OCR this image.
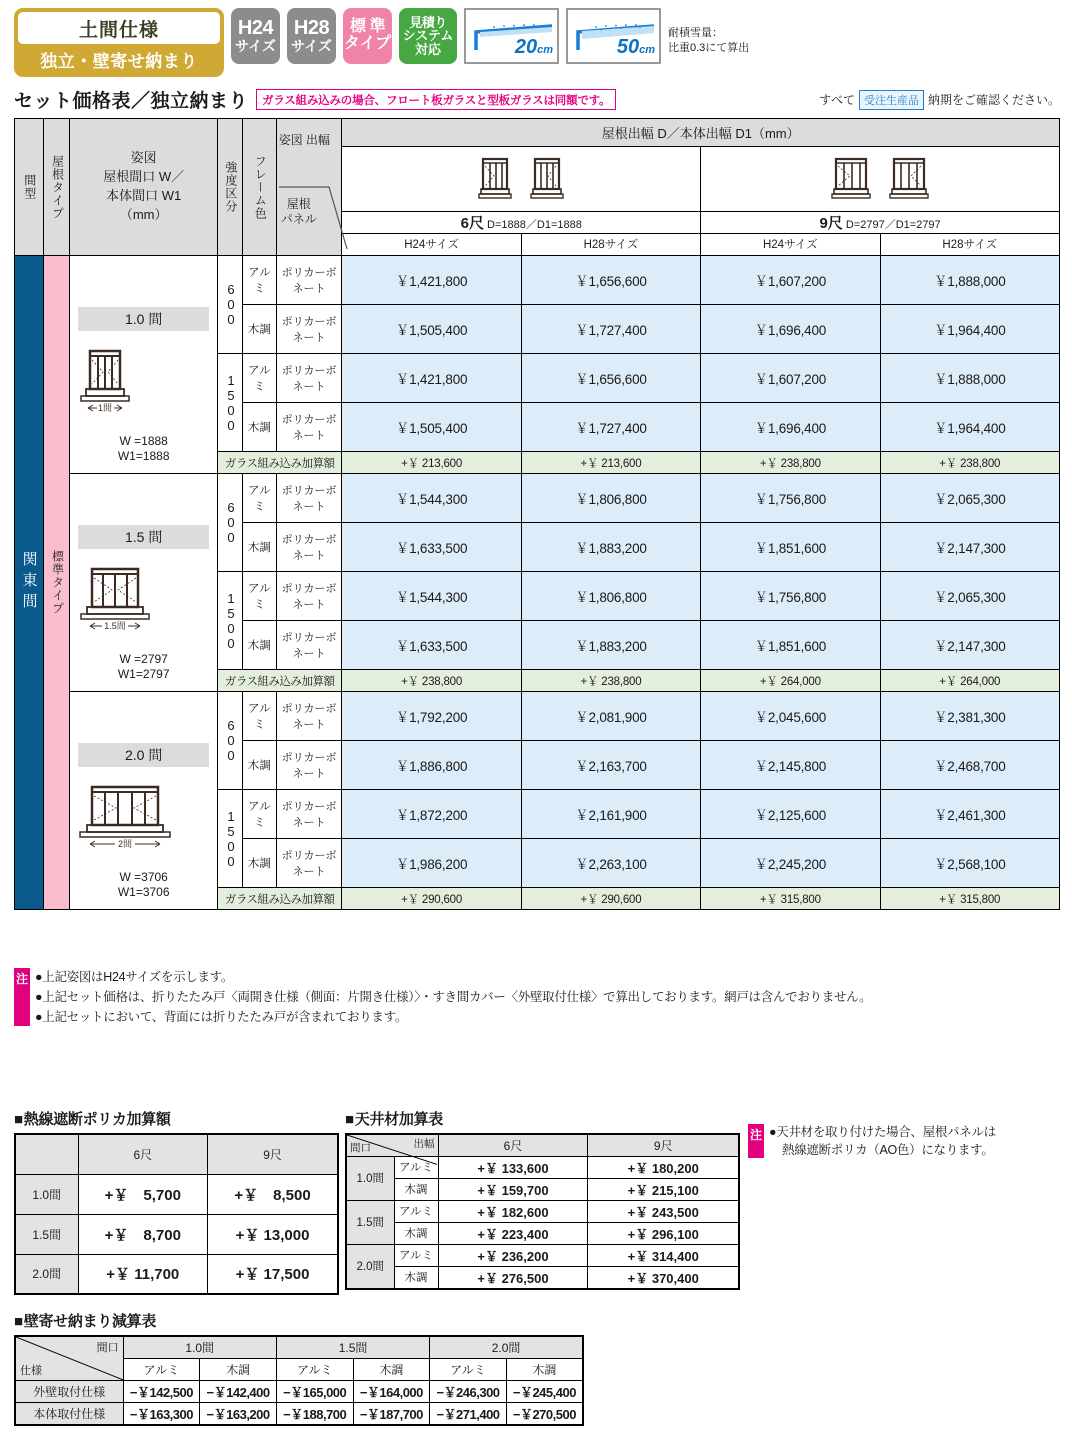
土間仕様
独立・壁寄せ納まり
H24
サイズ
H28
サイズ
標 準
タイプ
見積り
システム
対応	20cm	50cm
耐積雪量：
比重0.3にて算出
セット価格表／独立納まり	ガラス組み込みの場合、フロート板ガラスと型板ガラスは同額です。	すべて 受注生産品 納期をご確認ください。
間型	屋根タイプ	姿図
屋根間口 W／
本体間口 W1
（mm）

強度区分	フレーム色

姿図 出幅
屋根
パネル
	屋根出幅 D／本体出幅 D1（mm）

						6尺 D=1888／D1=1888		9尺 D=2797／D1=2797	
						H24サイズ	H28サイズ	H24サイズ	H28サイズ

関東間	標準タイプ	1.0 間
1間
W =1888
W1=1888	600	アルミ	ポリカーボネート	￥1,421,800	￥1,656,600	￥1,607,200	￥1,888,000
				木調	ポリカーボネート	￥1,505,400	￥1,727,400	￥1,696,400	￥1,964,400

			1500	アルミ	ポリカーボネート	￥1,421,800	￥1,656,600	￥1,607,200	￥1,888,000
				木調	ポリカーボネート	￥1,505,400	￥1,727,400	￥1,696,400	￥1,964,400
			ガラス組み込み加算額			+￥ 213,600	+￥ 213,600	+￥ 238,800	+￥ 238,800

		1.5 間
1.5間
W =2797
W1=2797	600	アルミ	ポリカーボネート	￥1,544,300	￥1,806,800	￥1,756,800	￥2,065,300
				木調	ポリカーボネート	￥1,633,500	￥1,883,200	￥1,851,600	￥2,147,300

			1500	アルミ	ポリカーボネート	￥1,544,300	￥1,806,800	￥1,756,800	￥2,065,300
				木調	ポリカーボネート	￥1,633,500	￥1,883,200	￥1,851,600	￥2,147,300
			ガラス組み込み加算額			+￥ 238,800	+￥ 238,800	+￥ 264,000	+￥ 264,000

		2.0 間
2間
W =3706
W1=3706	600	アルミ	ポリカーボネート	￥1,792,200	￥2,081,900	￥2,045,600	￥2,381,300
				木調	ポリカーボネート	￥1,886,800	￥2,163,700	￥2,145,800	￥2,468,700

			1500	アルミ	ポリカーボネート	￥1,872,200	￥2,161,900	￥2,125,600	￥2,461,300
				木調	ポリカーボネート	￥1,986,200	￥2,263,100	￥2,245,200	￥2,568,100
			ガラス組み込み加算額			+￥ 290,600	+￥ 290,600	+￥ 315,800	+￥ 315,800
注 ●上記姿図はH24サイズを示します。
●上記セット価格は、折りたたみ戸〈両開き仕様（側面：片開き仕様）〉・すき間カバー〈外壁取付仕様〉で算出しております。網戸は含んでおりません。
●上記セットにおいて、背面には折りたたみ戸が含まれております。
■ 熱線遮断ポリカ加算額
	6尺	9尺
1.0間	+￥　5,700	+￥　8,500
1.5間	+￥　8,700	+￥ 13,000
2.0間	+￥ 11,700	+￥ 17,500
■ 天井材加算表
出幅
間口		6尺	9尺
1.0間	アルミ	+￥ 133,600	+￥ 180,200
	木調	+￥ 159,700	+￥ 215,100
1.5間	アルミ	+￥ 182,600	+￥ 243,500
	木調	+￥ 223,400	+￥ 296,100
2.0間	アルミ	+￥ 236,200	+￥ 314,400
	木調	+￥ 276,500	+￥ 370,400
注 ●天井材を取り付けた場合、屋根パネルは
熱線遮断ポリカ（AO色）になります。
■ 壁寄せ納まり減算表
間口
仕様	1.0間		1.5間		2.0間	
	アルミ	木調	アルミ	木調	アルミ	木調
外壁取付仕様	−￥142,500	−￥142,400	−￥165,000	−￥164,000	−￥246,300	−￥245,400
本体取付仕様	−￥163,300	−￥163,200	−￥188,700	−￥187,700	−￥271,400	−￥270,500
